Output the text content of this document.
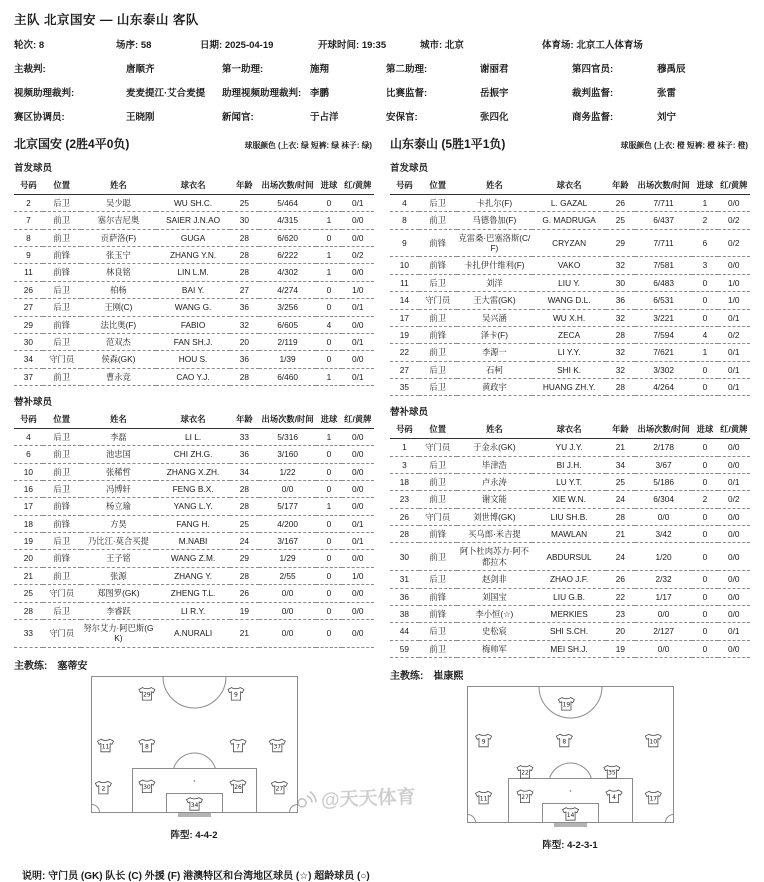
主队 北京国安 — 山东泰山 客队
轮次: 8	场序: 58	日期: 2025-04-19	开球时间: 19:35	城市: 北京	体育场: 北京工人体育场
主裁判:	唐顺齐	第一助理:	施翔	第二助理:	谢丽君	第四官员:	穆禹辰
视频助理裁判:	麦麦提江·艾合麦提	助理视频助理裁判: 李鹏	比赛监督:	岳振宇	裁判监督:	张雷
赛区协调员:	王晓刚	新闻官:	于占洋	安保官:	张四化	商务监督:	刘宁
北京国安 (2胜4平0负)	球服颜色 (上衣: 绿 短裤: 绿 袜子: 绿)
首发球员
号码	位置	姓名	球衣名	年龄	出场次数/时间	进球	红/黄牌
2	后卫	吴少聪	WU SH.C.	25	5/464	0	0/1
7	前卫	塞尔吉尼奥	SAIER J.N.AO	30	4/315	1	0/0
8	前卫	贡萨洛(F)	GUGA	28	6/620	0	0/0
9	前锋	张玉宁	ZHANG Y.N.	28	6/222	1	0/2
11	前锋	林良铭	LIN L.M.	28	4/302	1	0/0
26	后卫	柏杨	BAI Y.	27	4/274	0	1/0
27	后卫	王刚(C)	WANG G.	36	3/256	0	0/1
29	前锋	法比奥(F)	FABIO	32	6/605	4	0/0
30	后卫	范双杰	FAN SH.J.	20	2/119	0	0/1
34	守门员	侯森(GK)	HOU S.	36	1/39	0	0/0
37	前卫	曹永竞	CAO Y.J.	28	6/460	1	0/1
替补球员
号码	位置	姓名	球衣名	年龄	出场次数/时间	进球	红/黄牌
4	后卫	李磊	LI L.	33	5/316	1	0/0
6	前卫	池忠国	CHI ZH.G.	36	3/160	0	0/0
10	前卫	张稀哲	ZHANG X.ZH.	34	1/22	0	0/0
16	后卫	冯博轩	FENG B.X.	28	0/0	0	0/0
17	前锋	杨立瑜	YANG L.Y.	28	5/177	1	0/0
18	前锋	方昊	FANG H.	25	4/200	0	0/1
19	后卫	乃比江·莫合买提	M.NABI	24	3/167	0	0/1
20	前锋	王子铭	WANG Z.M.	29	1/29	0	0/0
21	前卫	张源	ZHANG Y.	28	2/55	0	1/0
25	守门员	郑图罗(GK)	ZHENG T.L.	26	0/0	0	0/0
28	后卫	李睿跃	LI R.Y.	19	0/0	0	0/0
33	守门员	努尔艾力·阿巴斯(GK)	A.NURALI	21	0/0	0	0/0
主教练: 塞蒂安
29	9
11	8	7	37
2	30	26	27
34
阵型: 4-4-2
山东泰山 (5胜1平1负)	球服颜色 (上衣: 橙 短裤: 橙 袜子: 橙)
首发球员
号码	位置	姓名	球衣名	年龄	出场次数/时间	进球	红/黄牌
4	后卫	卡扎尔(F)	L. GAZAL	26	7/711	1	0/0
8	前卫	马德鲁加(F)	G. MADRUGA	25	6/437	2	0/2
9	前锋	克雷桑·巴塞洛斯(C/F)	CRYZAN	29	7/711	6	0/2
10	前锋	卡扎伊什维利(F)	VAKO	32	7/581	3	0/0
11	后卫	刘洋	LIU Y.	30	6/483	0	1/0
14	守门员	王大雷(GK)	WANG D.L.	36	6/531	0	1/0
17	前卫	吴兴涵	WU X.H.	32	3/221	0	0/1
19	前锋	泽卡(F)	ZECA	28	7/594	4	0/2
22	前卫	李源一	LI Y.Y.	32	7/621	1	0/1
27	后卫	石柯	SHI K.	32	3/302	0	0/1
35	后卫	黄政宇	HUANG ZH.Y.	28	4/264	0	0/1
替补球员
号码	位置	姓名	球衣名	年龄	出场次数/时间	进球	红/黄牌
1	守门员	于金永(GK)	YU J.Y.	21	2/178	0	0/0
3	后卫	毕津浩	BI J.H.	34	3/67	0	0/0
18	前卫	卢永涛	LU Y.T.	25	5/186	0	0/1
23	前卫	谢文能	XIE W.N.	24	6/304	2	0/2
26	守门员	刘世博(GK)	LIU SH.B.	28	0/0	0	0/0
28	前锋	买乌郎·米吉提	MAWLAN	21	3/42	0	0/0
30	前卫	阿卜杜肉苏力·阿不都拉木	ABDURSUL	24	1/20	0	0/0
31	后卫	赵剑非	ZHAO J.F.	26	2/32	0	0/0
36	前锋	刘国宝	LIU G.B.	22	1/17	0	0/0
38	前锋	李小恒(☆)	MERKIES	23	0/0	0	0/0
44	后卫	史松宸	SHI S.CH.	20	2/127	0	0/1
59	前卫	梅帅军	MEI SH.J.	19	0/0	0	0/0
主教练: 崔康熙
19
9	8	10
22	35
11	27	4	17
14
阵型: 4-2-3-1
说明: 守门员 (GK) 队长 (C) 外援 (F) 港澳特区和台湾地区球员 (☆) 超龄球员 (○)
@天天体育
